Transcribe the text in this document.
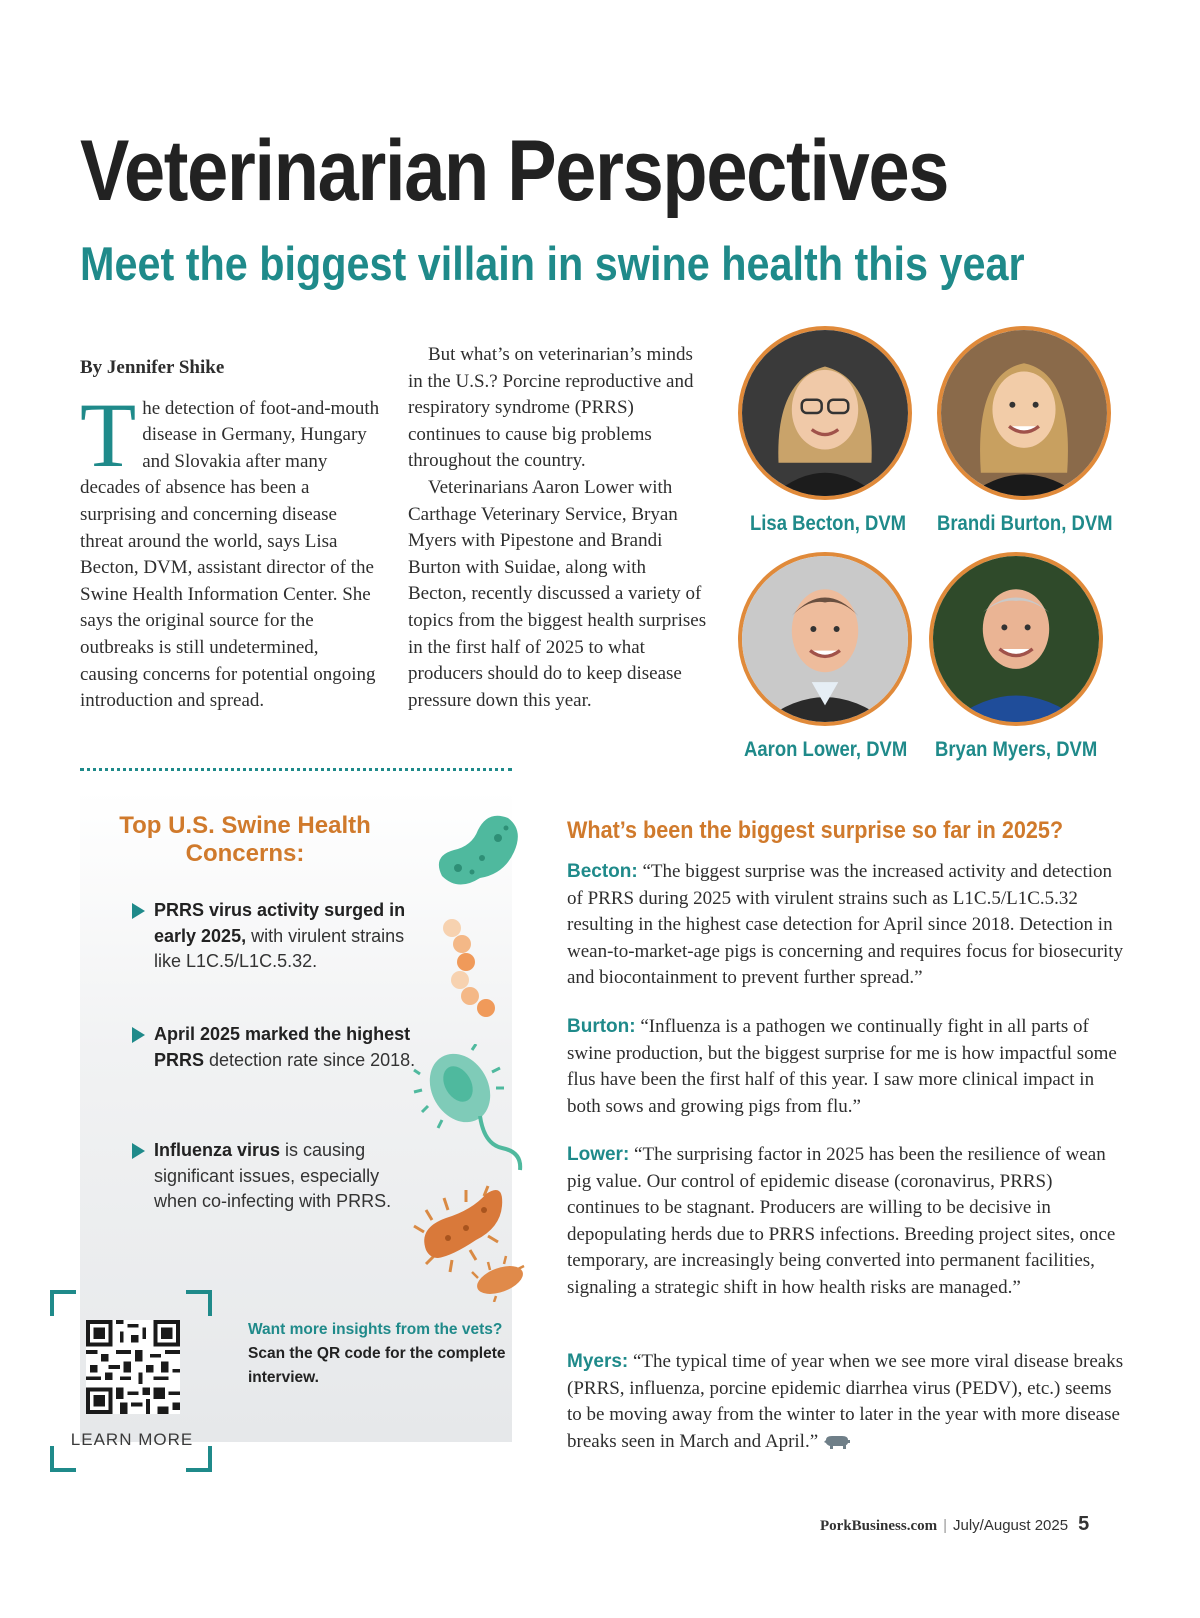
Veterinarian Perspectives
Meet the biggest villain in swine health this year
By Jennifer Shike

The detection of foot-and-mouth disease in Germany, Hungary and Slovakia after many decades of absence has been a surprising and concerning disease threat around the world, says Lisa Becton, DVM, assistant director of the Swine Health Information Center. She says the original source for the outbreaks is still undetermined, causing concerns for potential ongoing introduction and spread.

But what’s on veterinarian’s minds in the U.S.? Porcine reproductive and respiratory syndrome (PRRS) continues to cause big problems throughout the country.

Veterinarians Aaron Lower with Carthage Veterinary Service, Bryan Myers with Pipestone and Brandi Burton with Suidae, along with Becton, recently discussed a variety of topics from the biggest health surprises in the first half of 2025 to what producers should do to keep disease pressure down this year.

Lisa Becton, DVM Brandi Burton, DVM
Aaron Lower, DVM Bryan Myers, DVM
Top U.S. Swine Health Concerns:
PRRS virus activity surged in early 2025, with virulent strains like L1C.5/L1C.5.32.
April 2025 marked the highest PRRS detection rate since 2018.
Influenza virus is causing significant issues, especially when co-infecting with PRRS.
LEARN MORE
Want more insights from the vets?
Scan the QR code for the complete interview.
What’s been the biggest surprise so far in 2025?

Becton: “The biggest surprise was the increased activity and detection of PRRS during 2025 with virulent strains such as L1C.5/L1C.5.32 resulting in the highest case detection for April since 2018. Detection in wean-to-market-age pigs is concerning and requires focus for biosecurity and biocontainment to prevent further spread.”

Burton: “Influenza is a pathogen we continually fight in all parts of swine production, but the biggest surprise for me is how impactful some flus have been the first half of this year. I saw more clinical impact in both sows and growing pigs from flu.”

Lower: “The surprising factor in 2025 has been the resilience of wean pig value. Our control of epidemic disease (coronavirus, PRRS) continues to be stagnant. Producers are willing to be decisive in depopulating herds due to PRRS infections. Breeding project sites, once temporary, are increasingly being converted into permanent facilities, signaling a strategic shift in how health risks are managed.”

Myers: “The typical time of year when we see more viral disease breaks (PRRS, influenza, porcine epidemic diarrhea virus (PEDV), etc.) seems to be moving away from the winter to later in the year with more disease breaks seen in March and April.”

PorkBusiness.com | July/August 2025 5
